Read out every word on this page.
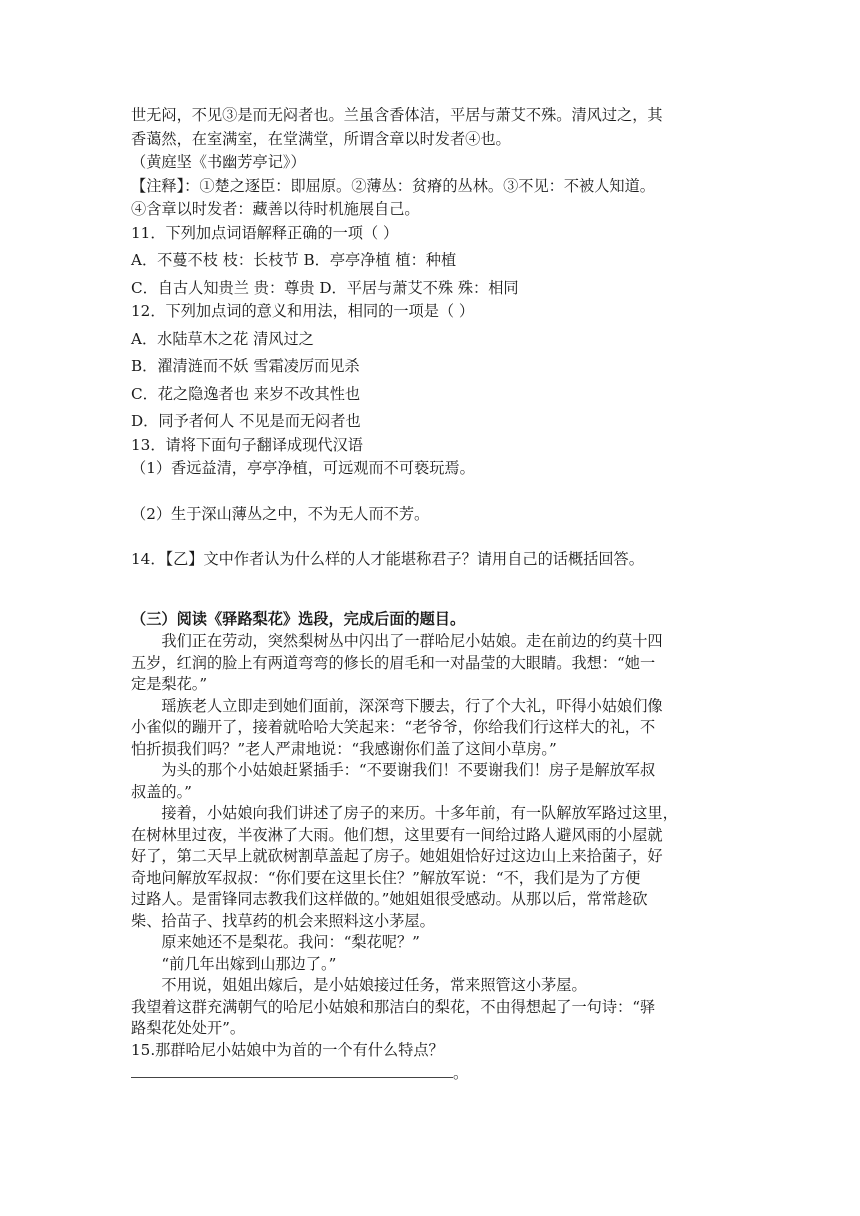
世无闷，不见③是而无闷者也。兰虽含香体洁，平居与萧艾不殊。清风过之，其

香蔼然，在室满室，在堂满堂，所谓含章以时发者④也。

（黄庭坚《书幽芳亭记》）

【注释】：①楚之逐臣：即屈原。②薄丛：贫瘠的丛林。③不见：不被人知道。

④含章以时发者：藏善以待时机施展自己。

11．下列加点词语解释正确的一项（ ）

A．不蔓不枝 枝：长枝节 B．亭亭净植 植：种植

C．自古人知贵兰 贵：尊贵 D．平居与萧艾不殊 殊：相同

12．下列加点词的意义和用法，相同的一项是（ ）

A．水陆草木之花 清风过之

B．濯清涟而不妖 雪霜凌厉而见杀

C．花之隐逸者也 来岁不改其性也

D．同予者何人 不见是而无闷者也

13．请将下面句子翻译成现代汉语

（1）香远益清，亭亭净植，可远观而不可亵玩焉。

（2）生于深山薄丛之中，不为无人而不芳。

14．【乙】文中作者认为什么样的人才能堪称君子？请用自己的话概括回答。

（三）阅读《驿路梨花》选段，完成后面的题目。

我们正在劳动，突然梨树丛中闪出了一群哈尼小姑娘。走在前边的约莫十四

五岁，红润的脸上有两道弯弯的修长的眉毛和一对晶莹的大眼睛。我想：“她一

定是梨花。”

瑶族老人立即走到她们面前，深深弯下腰去，行了个大礼，吓得小姑娘们像

小雀似的蹦开了，接着就哈哈大笑起来：“老爷爷，你给我们行这样大的礼，不

怕折损我们吗？”老人严肃地说：“我感谢你们盖了这间小草房。”

为头的那个小姑娘赶紧插手：“不要谢我们！不要谢我们！房子是解放军叔

叔盖的。”

接着，小姑娘向我们讲述了房子的来历。十多年前，有一队解放军路过这里，

在树林里过夜，半夜淋了大雨。他们想，这里要有一间给过路人避风雨的小屋就

好了，第二天早上就砍树割草盖起了房子。她姐姐恰好过这边山上来拾菌子，好

奇地问解放军叔叔：“你们要在这里长住？”解放军说：“不，我们是为了方便

过路人。是雷锋同志教我们这样做的。”她姐姐很受感动。从那以后，常常趁砍

柴、拾苗子、找草药的机会来照料这小茅屋。

原来她还不是梨花。我问：“梨花呢？”

“前几年出嫁到山那边了。”

不用说，姐姐出嫁后，是小姑娘接过任务，常来照管这小茅屋。

我望着这群充满朝气的哈尼小姑娘和那洁白的梨花，不由得想起了一句诗：“驿

路梨花处处开”。

15.那群哈尼小姑娘中为首的一个有什么特点？

。
